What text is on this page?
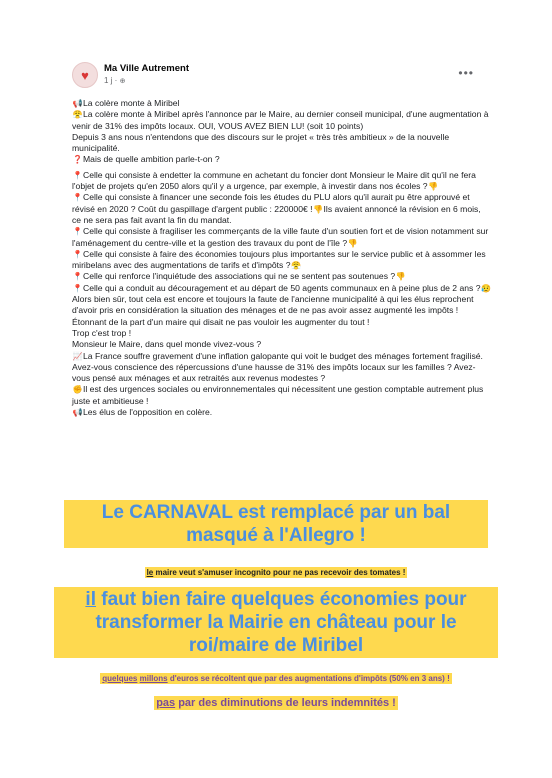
♥ Ma Ville Autrement
1 j · ⊕
•••

📢La colère monte à Miribel

😤La colère monte à Miribel après l'annonce par le Maire, au dernier conseil municipal, d'une augmentation à venir de 31% des impôts locaux. OUI, VOUS AVEZ BIEN LU! (soit 10 points)

Depuis 3 ans nous n'entendons que des discours sur le projet « très très ambitieux » de la nouvelle municipalité.

❓Mais de quelle ambition parle-t-on ?

📍Celle qui consiste à endetter la commune en achetant du foncier dont Monsieur le Maire dit qu'il ne fera l'objet de projets qu'en 2050 alors qu'il y a urgence, par exemple, à investir dans nos écoles ?👎

📍Celle qui consiste à financer une seconde fois les études du PLU alors qu'il aurait pu être approuvé et révisé en 2020 ? Coût du gaspillage d'argent public : 220000€ !👎Ils avaient annoncé la révision en 6 mois, ce ne sera pas fait avant la fin du mandat.

📍Celle qui consiste à fragiliser les commerçants de la ville faute d'un soutien fort et de vision notamment sur l'aménagement du centre-ville et la gestion des travaux du pont de l'île ?👎

📍Celle qui consiste à faire des économies toujours plus importantes sur le service public et à assommer les miribelans avec des augmentations de tarifs et d'impôts ?😤

📍Celle qui renforce l'inquiétude des associations qui ne se sentent pas soutenues ?👎

📍Celle qui a conduit au découragement et au départ de 50 agents communaux en à peine plus de 2 ans ?😥

Alors bien sûr, tout cela est encore et toujours la faute de l'ancienne municipalité à qui les élus reprochent d'avoir pris en considération la situation des ménages et de ne pas avoir assez augmenté les impôts ! Étonnant de la part d'un maire qui disait ne pas vouloir les augmenter du tout !

Trop c'est trop !

Monsieur le Maire, dans quel monde vivez-vous ?

📈La France souffre gravement d'une inflation galopante qui voit le budget des ménages fortement fragilisé. Avez-vous conscience des répercussions d'une hausse de 31% des impôts locaux sur les familles ? Avez-vous pensé aux ménages et aux retraités aux revenus modestes ?

✊Il est des urgences sociales ou environnementales qui nécessitent une gestion comptable autrement plus juste et ambitieuse !

📢Les élus de l'opposition en colère.

Le CARNAVAL est remplacé par un bal masqué à l'Allegro !
le maire veut s'amuser incognito pour ne pas recevoir des tomates !
il faut bien faire quelques économies pour transformer la Mairie en château pour le roi/maire de Miribel
quelques millons d'euros se récoltent que par des augmentations d'impôts (50% en 3 ans) !
pas par des diminutions de leurs indemnités !
